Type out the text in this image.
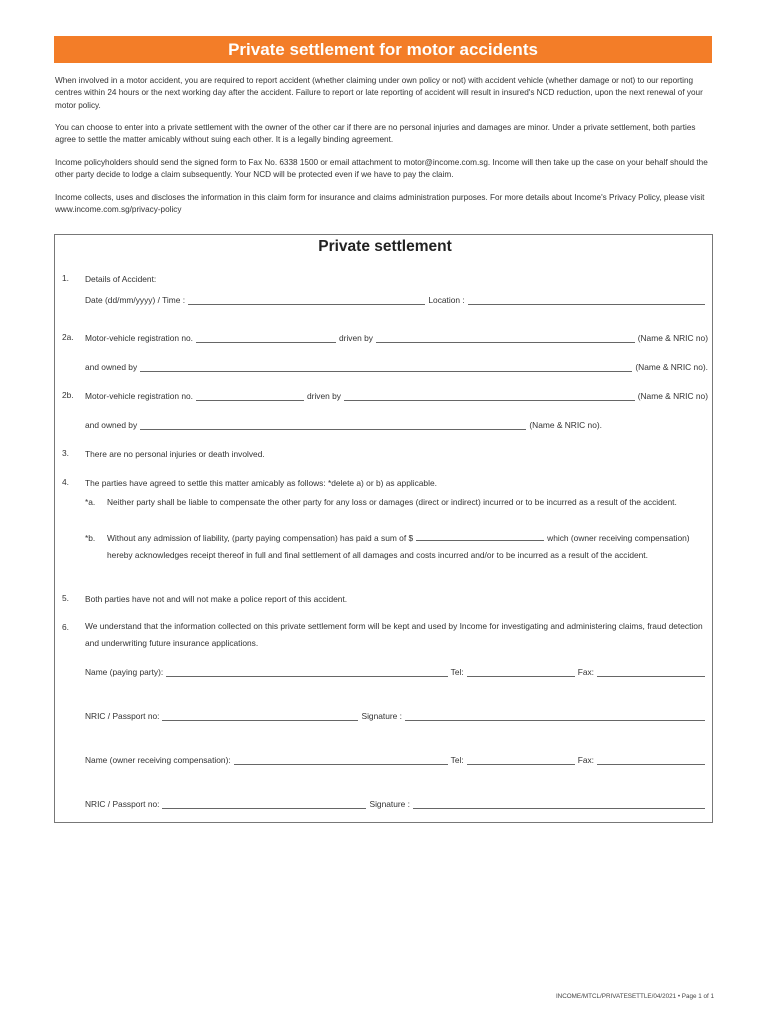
Private settlement for motor accidents
When involved in a motor accident, you are required to report accident (whether claiming under own policy or not) with accident vehicle (whether damage or not) to our reporting centres within 24 hours or the next working day after the accident. Failure to report or late reporting of accident will result in insured's NCD reduction, upon the next renewal of your motor policy.
You can choose to enter into a private settlement with the owner of the other car if there are no personal injuries and damages are minor. Under a private settlement, both parties agree to settle the matter amicably without suing each other. It is a legally binding agreement.
Income policyholders should send the signed form to Fax No. 6338 1500 or email attachment to motor@income.com.sg. Income will then take up the case on your behalf should the other party decide to lodge a claim subsequently. Your NCD will be protected even if we have to pay the claim.
Income collects, uses and discloses the information in this claim form for insurance and claims administration purposes. For more details about Income's Privacy Policy, please visit www.income.com.sg/privacy-policy
Private settlement
1. Details of Accident:
Date (dd/mm/yyyy) / Time :	Location :
2a. Motor-vehicle registration no.	driven by	(Name & NRIC no)
and owned by	(Name & NRIC no).
2b. Motor-vehicle registration no.	driven by	(Name & NRIC no)
and owned by	(Name & NRIC no).
3. There are no personal injuries or death involved.
4. The parties have agreed to settle this matter amicably as follows: *delete a) or b) as applicable.
*a. Neither party shall be liable to compensate the other party for any loss or damages (direct or indirect) incurred or to be incurred as a result of the accident.
*b. Without any admission of liability, (party paying compensation) has paid a sum of $	which (owner receiving compensation) hereby acknowledges receipt thereof in full and final settlement of all damages and costs incurred and/or to be incurred as a result of the accident.
5. Both parties have not and will not make a police report of this accident.
6. We understand that the information collected on this private settlement form will be kept and used by Income for investigating and administering claims, fraud detection and underwriting future insurance applications.
Name (paying party):	Tel:	Fax:
NRIC / Passport no:	Signature :
Name (owner receiving compensation):	Tel:	Fax:
NRIC / Passport no:	Signature :
INCOME/MTCL/PRIVATESETTLE/04/2021 • Page 1 of 1
